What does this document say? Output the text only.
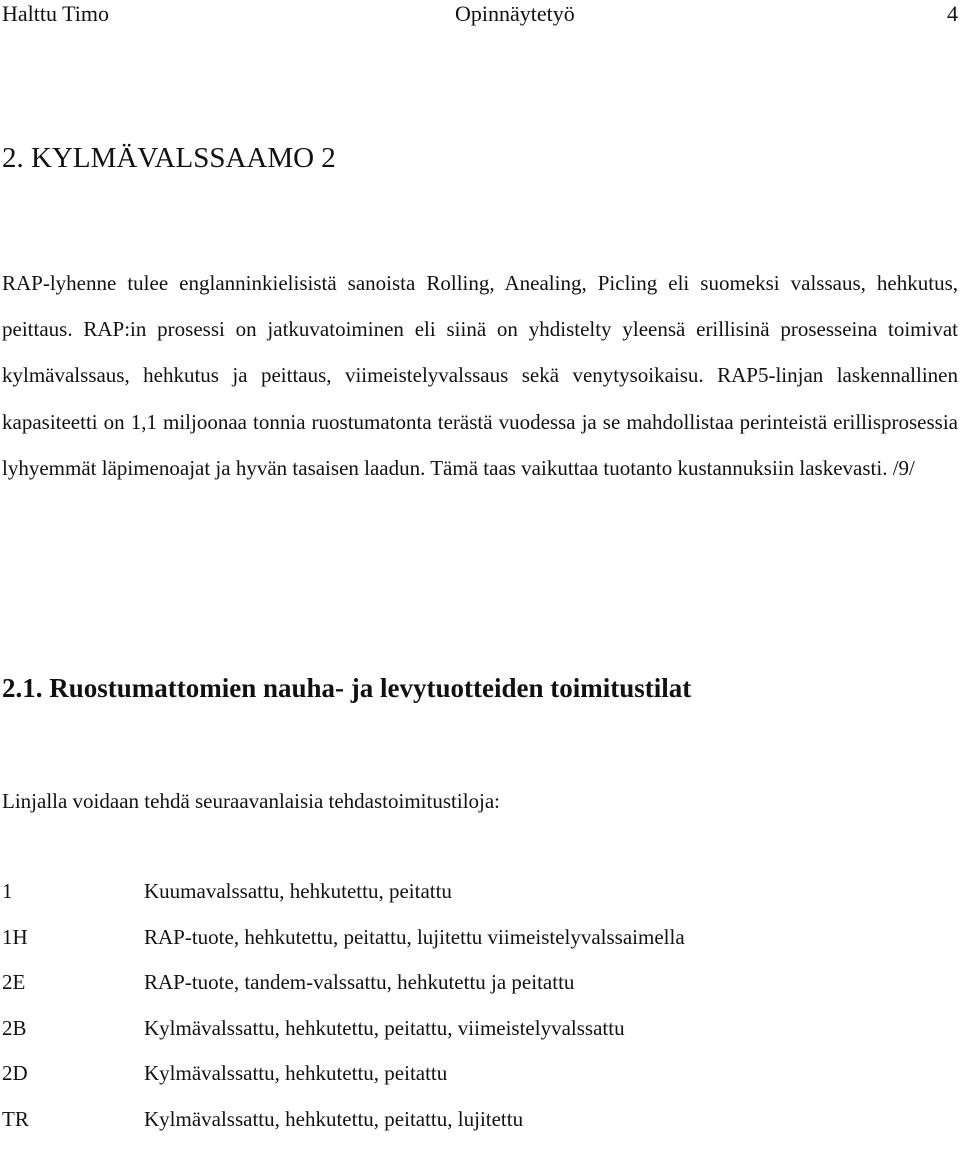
Halttu Timo	Opinnäytetyö	4
2. KYLMÄVALSSAAMO 2

RAP-lyhenne tulee englanninkielisistä sanoista Rolling, Anealing, Picling eli suomeksi valssaus, hehkutus, peittaus. RAP:in prosessi on jatkuvatoiminen eli siinä on yhdistelty yleensä erillisinä prosesseina toimivat kylmävalssaus, hehkutus ja peittaus, viimeistelyvalssaus sekä venytysoikaisu. RAP5-linjan laskennallinen kapasiteetti on 1,1 miljoonaa tonnia ruostumatonta terästä vuodessa ja se mahdollistaa perinteistä erillisprosessia lyhyemmät läpimenoajat ja hyvän tasaisen laadun. Tämä taas vaikuttaa tuotanto kustannuksiin laskevasti. /9/

2.1. Ruostumattomien nauha- ja levytuotteiden toimitustilat

Linjalla voidaan tehdä seuraavanlaisia tehdastoimitustiloja:

1	Kuumavalssattu, hehkutettu, peitattu
1H	RAP-tuote, hehkutettu, peitattu, lujitettu viimeistelyvalssaimella
2E	RAP-tuote, tandem-valssattu, hehkutettu ja peitattu
2B	Kylmävalssattu, hehkutettu, peitattu, viimeistelyvalssattu
2D	Kylmävalssattu, hehkutettu, peitattu
TR	Kylmävalssattu, hehkutettu, peitattu, lujitettu
